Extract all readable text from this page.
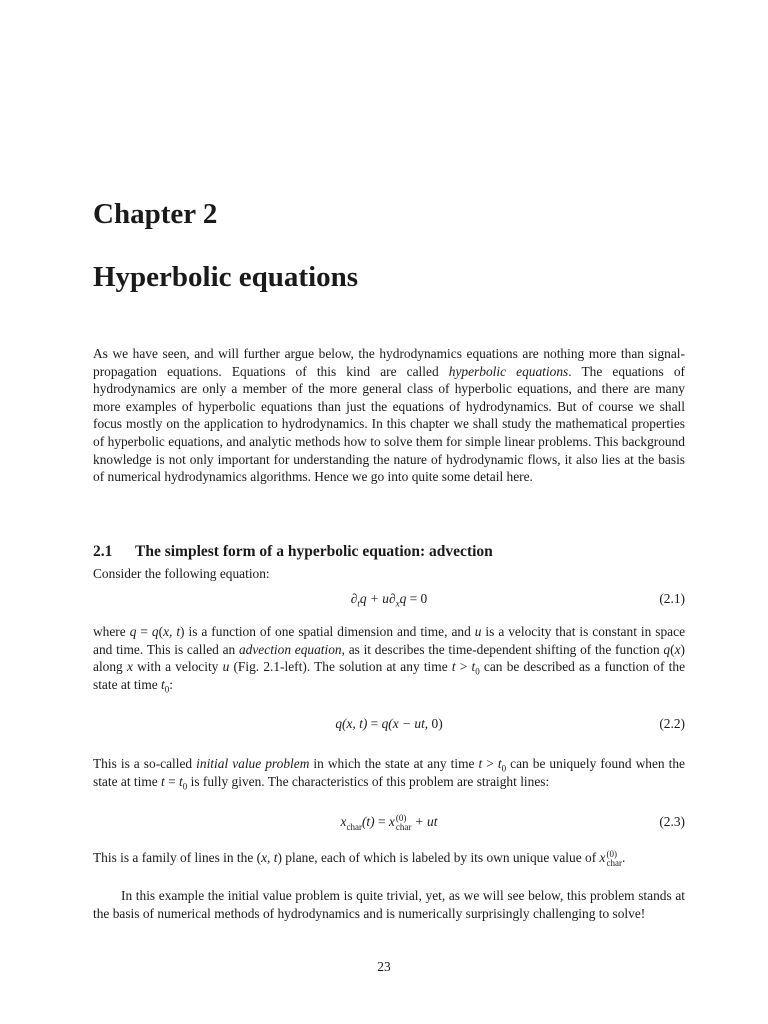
Chapter 2
Hyperbolic equations

As we have seen, and will further argue below, the hydrodynamics equations are nothing more than signal-propagation equations. Equations of this kind are called hyperbolic equations. The equations of hydrodynamics are only a member of the more general class of hyperbolic equations, and there are many more examples of hyperbolic equations than just the equations of hydrodynamics. But of course we shall focus mostly on the application to hydrodynamics. In this chapter we shall study the mathematical properties of hyperbolic equations, and analytic methods how to solve them for simple linear problems. This background knowledge is not only important for understanding the nature of hydrodynamic flows, it also lies at the basis of numerical hydrodynamics algorithms. Hence we go into quite some detail here.

2.1 The simplest form of a hyperbolic equation: advection

Consider the following equation:

$\partial_tq + u\partial_xq = 0$	(2.1)

where q = q(x, t) is a function of one spatial dimension and time, and u is a velocity that is constant in space and time. This is called an advection equation, as it describes the time-dependent shifting of the function q(x) along x with a velocity u (Fig. 2.1-left). The solution at any time $t > t_0$ can be described as a function of the state at time $t_0$:

q(x, t) = q(x − ut, 0)	(2.2)

This is a so-called initial value problem in which the state at any time $t > t_0$ can be uniquely found when the state at time $t = t_0$ is fully given. The characteristics of this problem are straight lines:

$x_{char}(t) = x$ (0)
char + ut	(2.3)

This is a family of lines in the (x, t) plane, each of which is labeled by its own unique value of x (0)
char .

In this example the initial value problem is quite trivial, yet, as we will see below, this problem stands at the basis of numerical methods of hydrodynamics and is numerically surprisingly challenging to solve!

23
